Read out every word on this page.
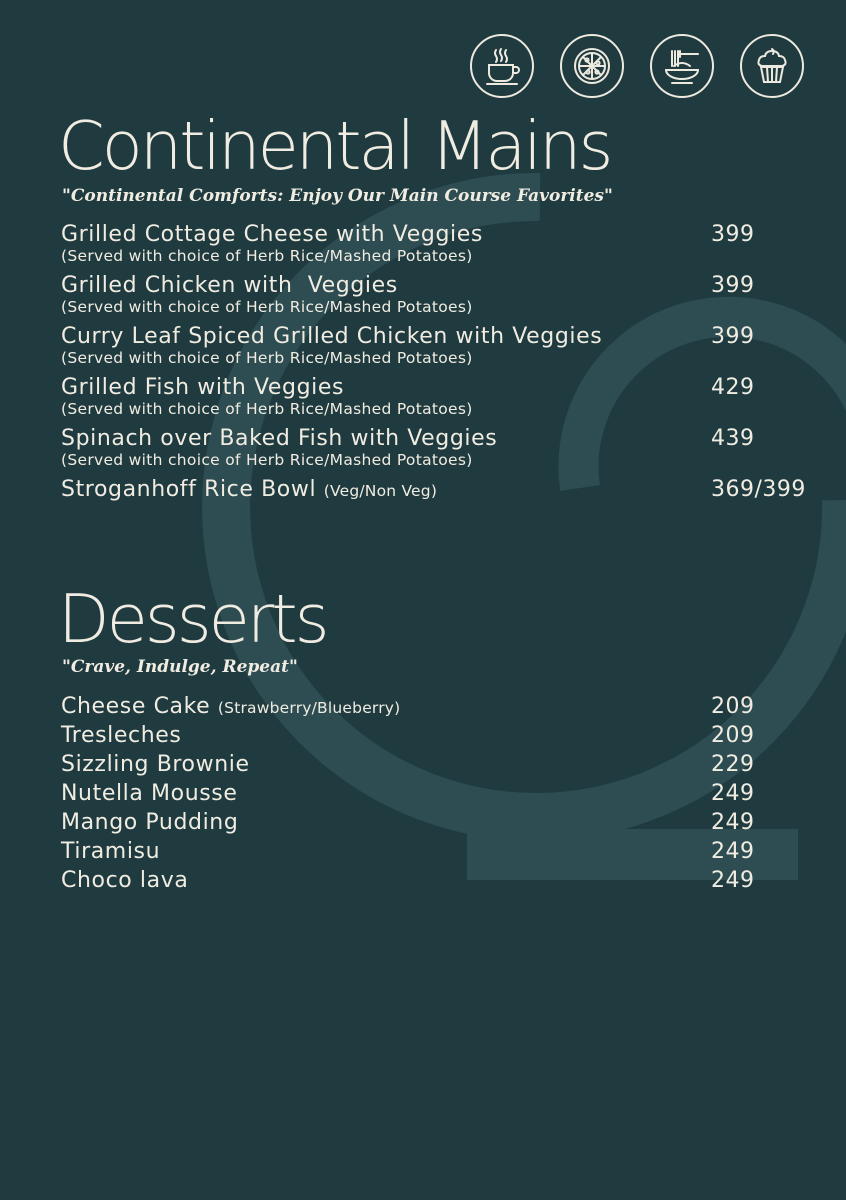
Continental Mains

"Continental Comforts: Enjoy Our Main Course Favorites"

Grilled Cottage Cheese with Veggies
(Served with choice of Herb Rice/Mashed Potatoes)
399
Grilled Chicken with  Veggies
(Served with choice of Herb Rice/Mashed Potatoes)
399
Curry Leaf Spiced Grilled Chicken with Veggies
(Served with choice of Herb Rice/Mashed Potatoes)
399
Grilled Fish with Veggies
(Served with choice of Herb Rice/Mashed Potatoes)
429
Spinach over Baked Fish with Veggies
(Served with choice of Herb Rice/Mashed Potatoes)
439
Stroganhoff Rice Bowl (Veg/Non Veg)	369/399
Desserts

"Crave, Indulge, Repeat"

Cheese Cake (Strawberry/Blueberry)	209
Tresleches	209
Sizzling Brownie	229
Nutella Mousse	249
Mango Pudding	249
Tiramisu	249
Choco lava	249
